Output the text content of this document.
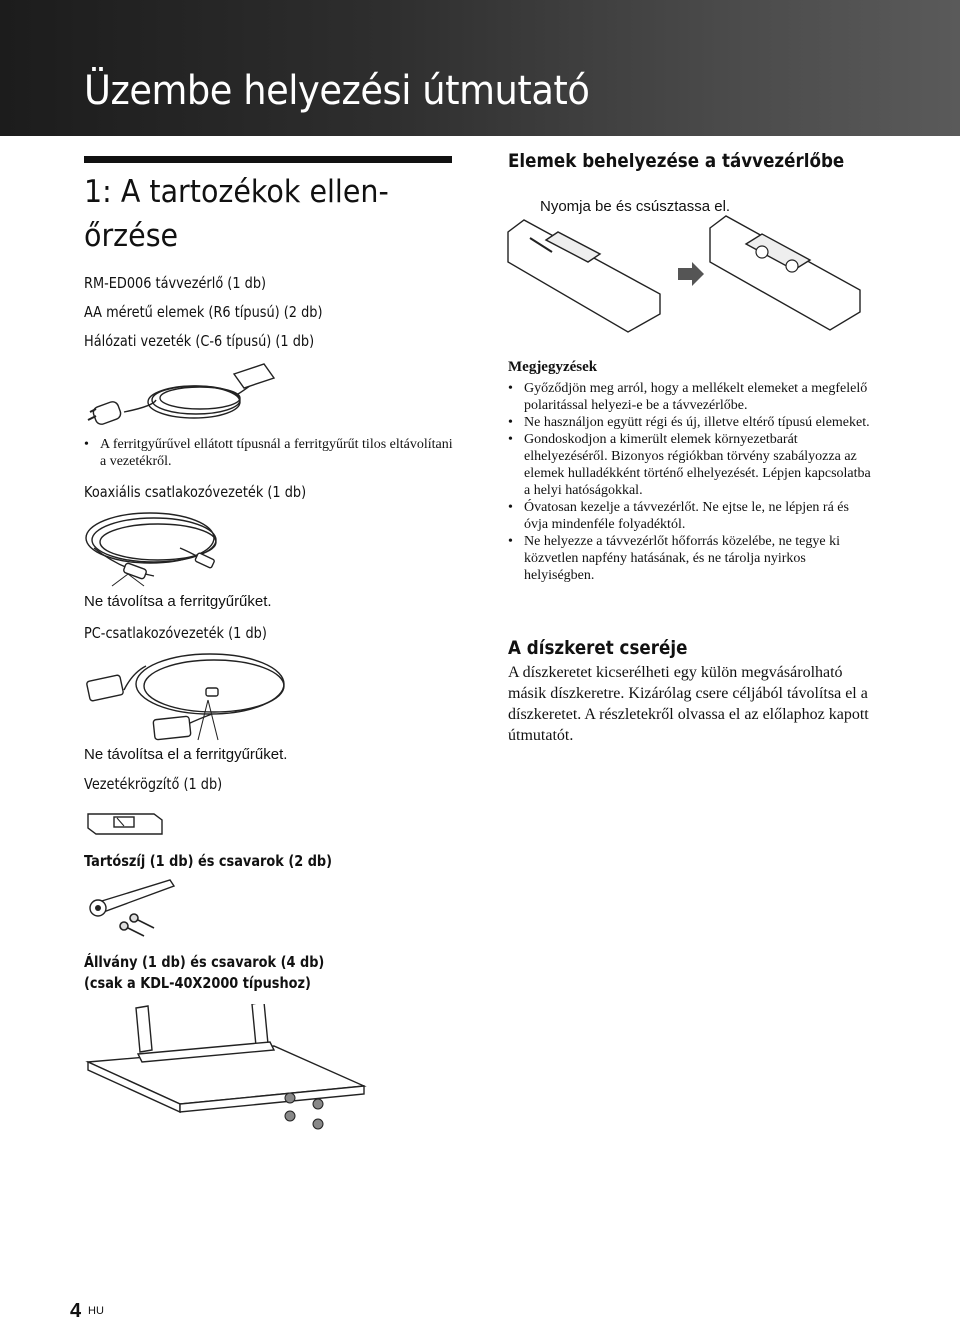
Üzembe helyezési útmutató
1: A tartozékok ellen-
őrzése

RM-ED006 távvezérlő (1 db)

AA méretű elemek (R6 típusú) (2 db)

Hálózati vezeték (C-6 típusú) (1 db)

• A ferritgyűrűvel ellátott típusnál a ferritgyűrűt tilos eltávolítani a vezetékről.

Koaxiális csatlakozóvezeték (1 db)

Ne távolítsa a ferritgyűrűket.

PC-csatlakozóvezeték (1 db)

Ne távolítsa el a ferritgyűrűket.

Vezetékrögzítő (1 db)

Tartószíj (1 db) és csavarok (2 db)

Állvány (1 db) és csavarok (4 db)

(csak a KDL-40X2000 típushoz)

Elemek behelyezése a távvezérlőbe

Nyomja be és csúsztassa el.

Megjegyzések
• Győződjön meg arról, hogy a mellékelt elemeket a megfelelő polaritással helyezi-e be a távvezérlőbe.
• Ne használjon együtt régi és új, illetve eltérő típusú elemeket.
• Gondoskodjon a kimerült elemek környezetbarát elhelyezéséről. Bizonyos régiókban törvény szabályozza az elemek hulladékként történő elhelyezését. Lépjen kapcsolatba a helyi hatóságokkal.
• Óvatosan kezelje a távvezérlőt. Ne ejtse le, ne lépjen rá és óvja mindenféle folyadéktól.
• Ne helyezze a távvezérlőt hőforrás közelébe, ne tegye ki közvetlen napfény hatásának, és ne tárolja nyirkos helyiségben.
A díszkeret cseréje

A díszkeretet kicserélheti egy külön megvásárolható másik díszkeretre. Kizárólag csere céljából távolítsa el a díszkeretet. A részletekről olvassa el az előlaphoz kapott útmutatót.

4 HU
